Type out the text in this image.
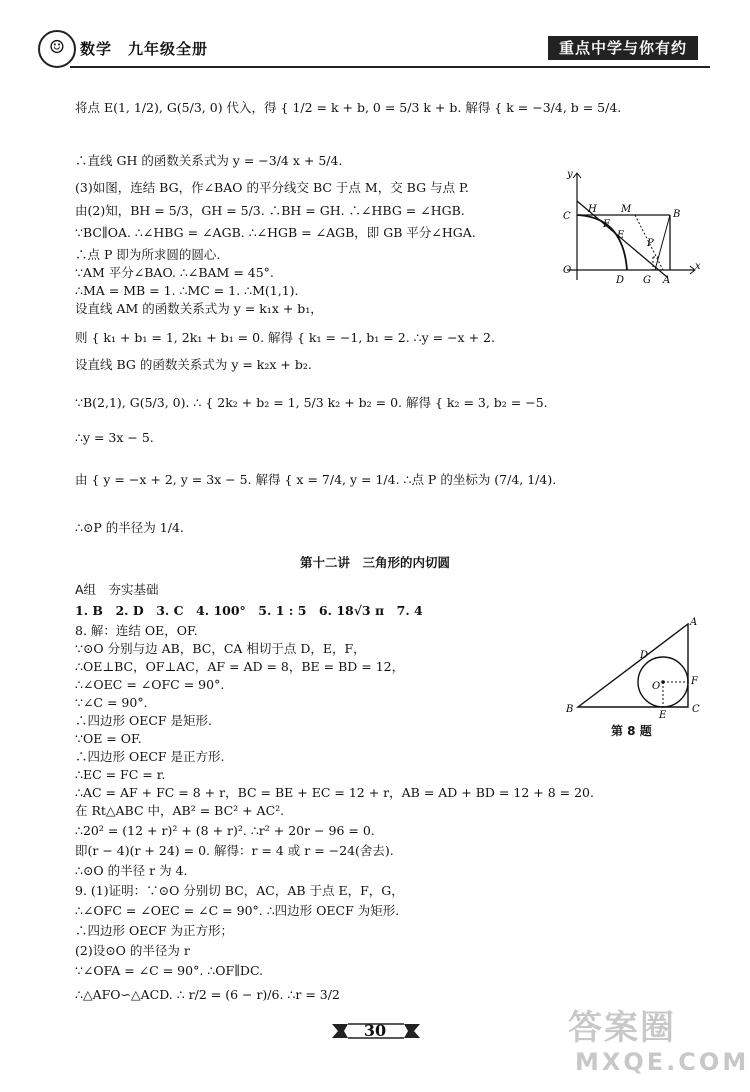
☺ 数学　九年级全册	重点中学与你有约
将点 E(1, 1/2), G(5/3, 0) 代入，得 { 1/2 = k + b, 0 = 5/3 k + b. 解得 { k = −3/4, b = 5/4.
∴直线 GH 的函数关系式为 y = −3/4 x + 5/4.
(3)如图，连结 BG，作∠BAO 的平分线交 BC 于点 M，交 BG 与点 P.
由(2)知，BH = 5/3，GH = 5/3. ∴BH = GH. ∴∠HBG = ∠HGB.
∵BC∥OA. ∴∠HBG = ∠AGB. ∴∠HGB = ∠AGB，即 GB 平分∠HGA.
∴点 P 即为所求圆的圆心.
∵AM 平分∠BAO. ∴∠BAM = 45°.
∴MA = MB = 1. ∴MC = 1. ∴M(1,1).
设直线 AM 的函数关系式为 y = k₁x + b₁，
则 { k₁ + b₁ = 1, 2k₁ + b₁ = 0. 解得 { k₁ = −1, b₁ = 2. ∴y = −x + 2.
设直线 BG 的函数关系式为 y = k₂x + b₂.
∵B(2,1), G(5/3, 0). ∴ { 2k₂ + b₂ = 1, 5/3 k₂ + b₂ = 0. 解得 { k₂ = 3, b₂ = −5.
∴y = 3x − 5.
由 { y = −x + 2, y = 3x − 5. 解得 { x = 7/4, y = 1/4. ∴点 P 的坐标为 (7/4, 1/4).
∴⊙P 的半径为 1/4.
第十二讲　三角形的内切圆
A组　夯实基础
1. B　2. D　3. C　4. 100°　5. 1 : 5　6. 18√3 π　7. 4
8. 解：连结 OE，OF.
∵⊙O 分别与边 AB，BC，CA 相切于点 D，E，F，
∴OE⊥BC，OF⊥AC，AF = AD = 8，BE = BD = 12，
∴∠OEC = ∠OFC = 90°.
∵∠C = 90°.
∴四边形 OECF 是矩形.
∵OE = OF.
∴四边形 OECF 是正方形.
∴EC = FC = r.
∴AC = AF + FC = 8 + r，BC = BE + EC = 12 + r，AB = AD + BD = 12 + 8 = 20.
在 Rt△ABC 中，AB² = BC² + AC².
∴20² = (12 + r)² + (8 + r)². ∴r² + 20r − 96 = 0.
即(r − 4)(r + 24) = 0. 解得：r = 4 或 r = −24(舍去).
∴⊙O 的半径 r 为 4.
9. (1)证明：∵⊙O 分别切 BC，AC，AB 于点 E，F，G，
∴∠OFC = ∠OEC = ∠C = 90°. ∴四边形 OECF 为矩形.
∴四边形 OECF 为正方形；
(2)设⊙O 的半径为 r
∵∠OFA = ∠C = 90°. ∴OF∥DC.
∴△AFO∽△ACD. ∴ r/2 = (6 − r)/6. ∴r = 3/2
y
x
C
H M	B
F
E
P
O
D G A
A
D
O	F
B
E
C
第 8 题
30	答案圈
MXQE.COM
